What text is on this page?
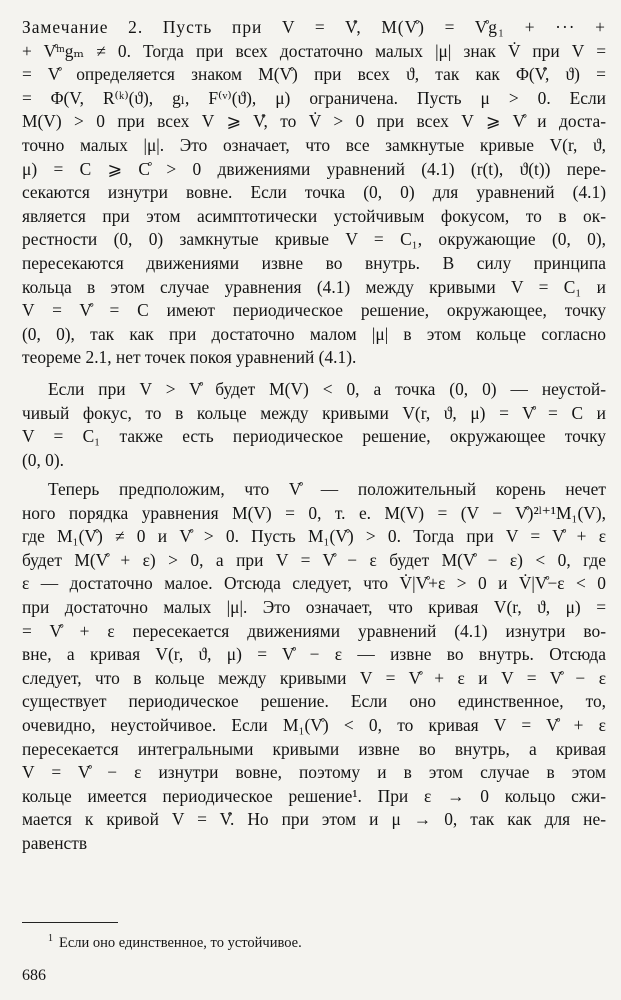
Замечание 2. Пусть при V = V̊, M(V̊) = V̊g₁ + ··· +
+ V̊ᵐgₘ ≠ 0. Тогда при всех достаточно малых |μ| знак V̇ при V =
= V̊ определяется знаком M(V̊) при всех ϑ, так как Φ(V̊, ϑ) =
= Φ(V, R⁽ᵏ⁾(ϑ), gₗ, F⁽ᵛ⁾(ϑ), μ) ограничена. Пусть μ > 0. Если
M(V) > 0 при всех V ⩾ V̊, то V̇ > 0 при всех V ⩾ V̊ и доста-
точно малых |μ|. Это означает, что все замкнутые кривые V(r, ϑ,
μ) = C ⩾ C̊ > 0 движениями уравнений (4.1) (r(t), ϑ(t)) пере-
секаются изнутри вовне. Если точка (0, 0) для уравнений (4.1)
является при этом асимптотически устойчивым фокусом, то в ок-
рестности (0, 0) замкнутые кривые V = C₁, окружающие (0, 0),
пересекаются движениями извне во внутрь. В силу принципа
кольца в этом случае уравнения (4.1) между кривыми V = C₁ и
V = V̊ = C имеют периодическое решение, окружающее, точку
(0, 0), так как при достаточно малом |μ| в этом кольце согласно
теореме 2.1, нет точек покоя уравнений (4.1).
Если при V > V̊ будет M(V) < 0, а точка (0, 0) — неустой-
чивый фокус, то в кольце между кривыми V(r, ϑ, μ) = V̊ = C и
V = C₁ также есть периодическое решение, окружающее точку
(0, 0).
Теперь предположим, что V̊ — положительный корень нечет
ного порядка уравнения M(V) = 0, т. е. M(V) = (V − V̊)²ˡ⁺¹M₁(V),
где M₁(V̊) ≠ 0 и V̊ > 0. Пусть M₁(V̊) > 0. Тогда при V = V̊ + ε
будет M(V̊ + ε) > 0, а при V = V̊ − ε будет M(V̊ − ε) < 0, где
ε — достаточно малое. Отсюда следует, что V̇|V̊+ε > 0 и V̇|V̊−ε < 0
при достаточно малых |μ|. Это означает, что кривая V(r, ϑ, μ) =
= V̊ + ε пересекается движениями уравнений (4.1) изнутри во-
вне, а кривая V(r, ϑ, μ) = V̊ − ε — извне во внутрь. Отсюда
следует, что в кольце между кривыми V = V̊ + ε и V = V̊ − ε
существует периодическое решение. Если оно единственное, то,
очевидно, неустойчивое. Если M₁(V̊) < 0, то кривая V = V̊ + ε
пересекается интегральными кривыми извне во внутрь, а кривая
V = V̊ − ε изнутри вовне, поэтому и в этом случае в этом
кольце имеется периодическое решение¹. При ε → 0 кольцо сжи-
мается к кривой V = V̊. Но при этом и μ → 0, так как для не-
равенств
$^1$ Если оно единственное, то устойчивое.
686
